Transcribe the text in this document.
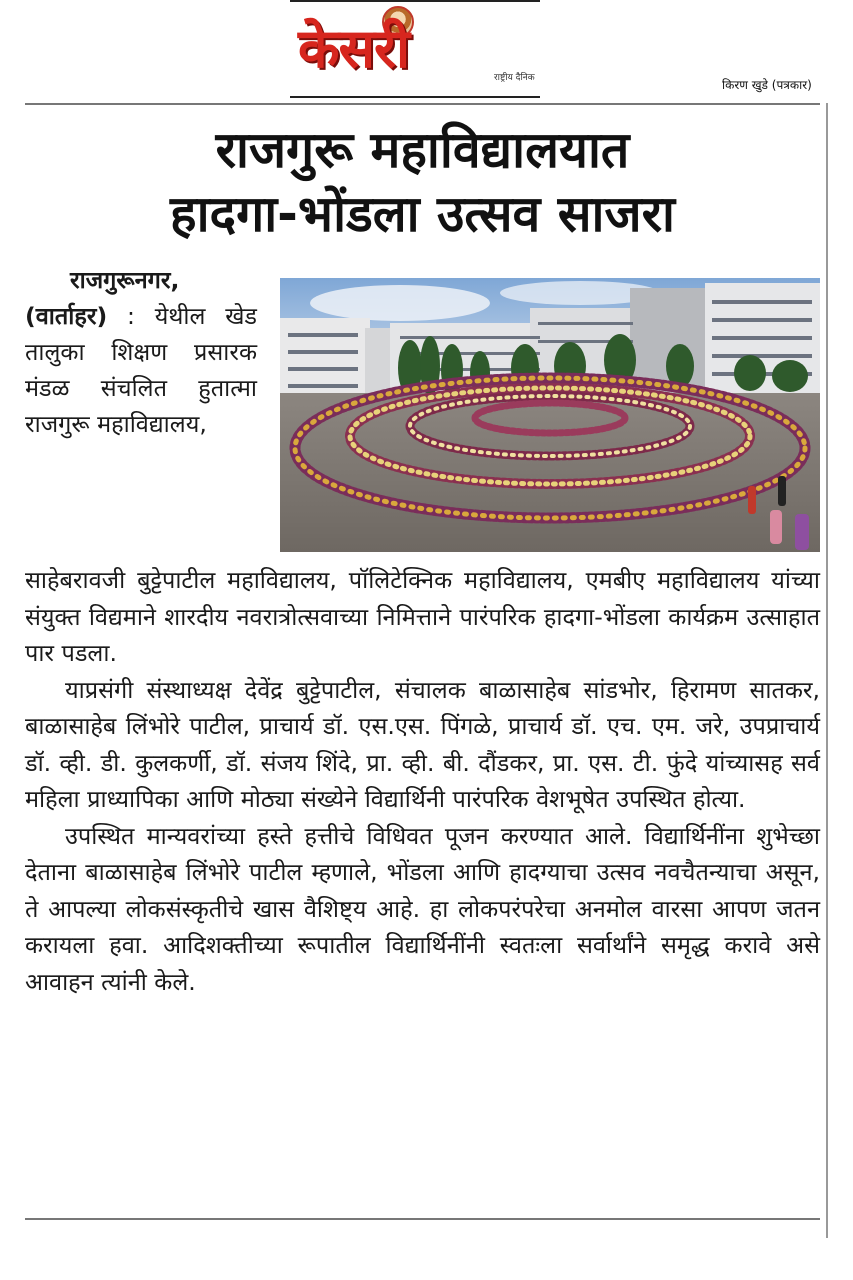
केसरी	राष्ट्रीय दैनिक	किरण खुडे (पत्रकार)
राजगुरू महाविद्यालयात
हादगा-भोंडला उत्सव साजरा
राजगुरूनगर,
(वार्ताहर) : येथील खेड तालुका शिक्षण प्रसारक मंडळ संचलित हुतात्मा राजगुरू महाविद्यालय,

साहेबरावजी बुट्टेपाटील महाविद्यालय, पॉलिटेक्निक महाविद्यालय, एमबीए महाविद्यालय यांच्या संयुक्त विद्यमाने शारदीय नवरात्रोत्सवाच्या निमित्ताने पारंपरिक हादगा-भोंडला कार्यक्रम उत्साहात पार पडला.

याप्रसंगी संस्थाध्यक्ष देवेंद्र बुट्टेपाटील, संचालक बाळासाहेब सांडभोर, हिरामण सातकर, बाळासाहेब लिंभोरे पाटील, प्राचार्य डॉ. एस.एस. पिंगळे, प्राचार्य डॉ. एच. एम. जरे, उपप्राचार्य डॉ. व्ही. डी. कुलकर्णी, डॉ. संजय शिंदे, प्रा. व्ही. बी. दौंडकर, प्रा. एस. टी. फुंदे यांच्यासह सर्व महिला प्राध्यापिका आणि मोठ्या संख्येने विद्यार्थिनी पारंपरिक वेशभूषेत उपस्थित होत्या.

उपस्थित मान्यवरांच्या हस्ते हत्तीचे विधिवत पूजन करण्यात आले. विद्यार्थिनींना शुभेच्छा देताना बाळासाहेब लिंभोरे पाटील म्हणाले, भोंडला आणि हादग्याचा उत्सव नवचैतन्याचा असून, ते आपल्या लोकसंस्कृतीचे खास वैशिष्ट्य आहे. हा लोकपरंपरेचा अनमोल वारसा आपण जतन करायला हवा. आदिशक्तीच्या रूपातील विद्यार्थिनींनी स्वतःला सर्वार्थांने समृद्ध करावे असे आवाहन त्यांनी केले.
